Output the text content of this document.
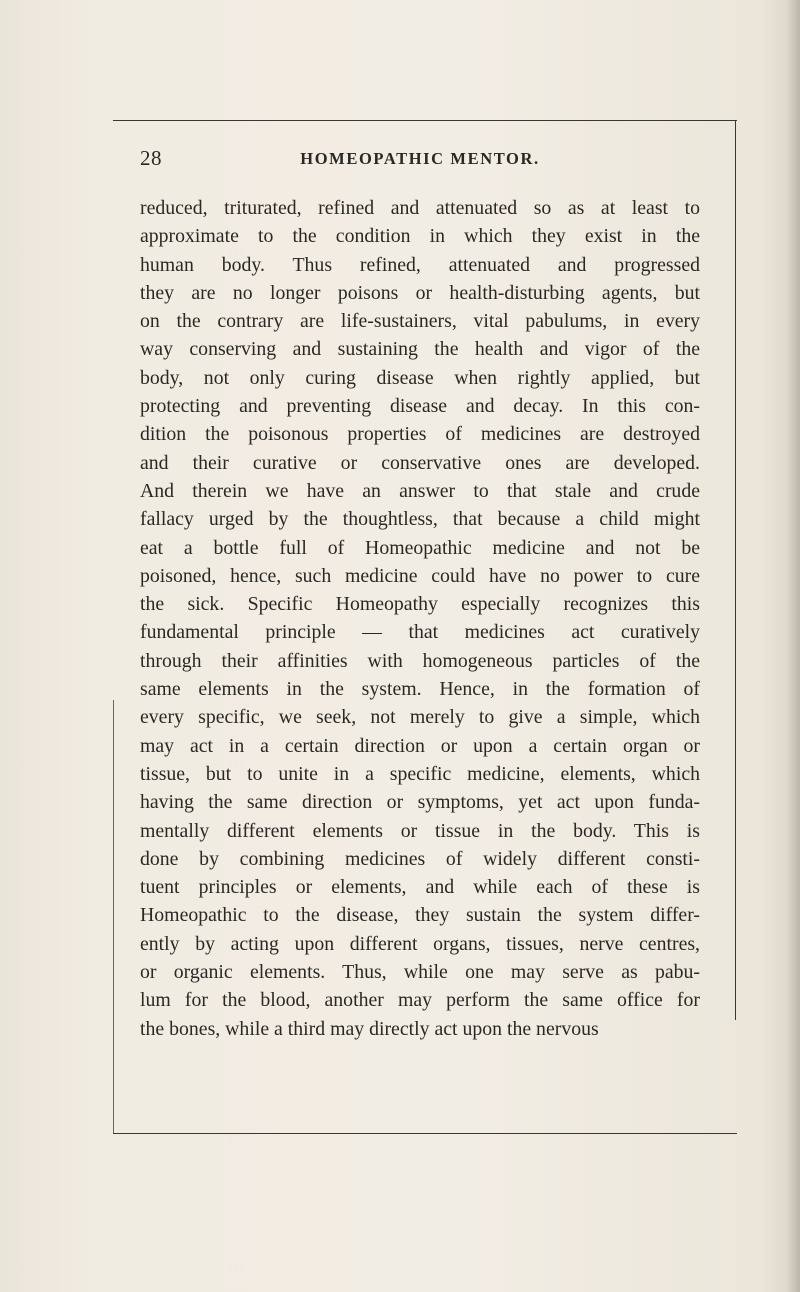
28	HOMEOPATHIC MENTOR.
reduced, triturated, refined and attenuated so as at least to
approximate to the condition in which they exist in the
human body. Thus refined, attenuated and progressed
they are no longer poisons or health-disturbing agents, but
on the contrary are life-sustainers, vital pabulums, in every
way conserving and sustaining the health and vigor of the
body, not only curing disease when rightly applied, but
protecting and preventing disease and decay. In this con-
dition the poisonous properties of medicines are destroyed
and their curative or conservative ones are developed.
And therein we have an answer to that stale and crude
fallacy urged by the thoughtless, that because a child might
eat a bottle full of Homeopathic medicine and not be
poisoned, hence, such medicine could have no power to cure
the sick. Specific Homeopathy especially recognizes this
fundamental principle — that medicines act curatively
through their affinities with homogeneous particles of the
same elements in the system. Hence, in the formation of
every specific, we seek, not merely to give a simple, which
may act in a certain direction or upon a certain organ or
tissue, but to unite in a specific medicine, elements, which
having the same direction or symptoms, yet act upon funda-
mentally different elements or tissue in the body. This is
done by combining medicines of widely different consti-
tuent principles or elements, and while each of these is
Homeopathic to the disease, they sustain the system differ-
ently by acting upon different organs, tissues, nerve centres,
or organic elements. Thus, while one may serve as pabu-
lum for the blood, another may perform the same office for
the bones, while a third may directly act upon the nervous
